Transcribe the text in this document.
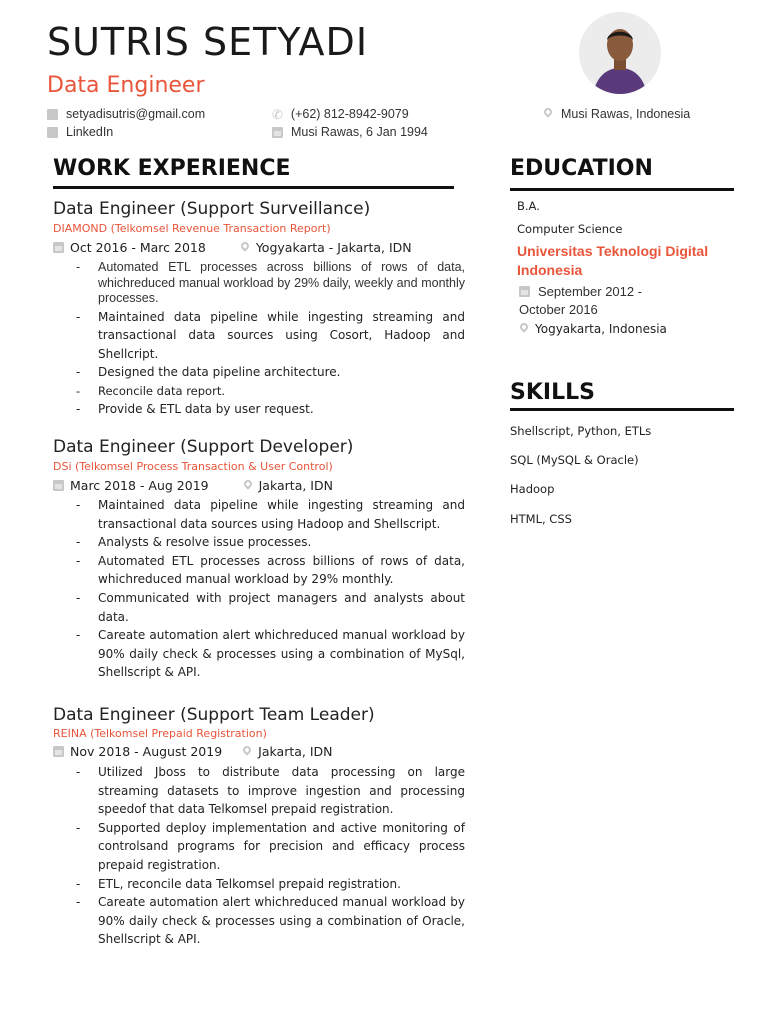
SUTRIS SETYADI
Data Engineer
setyadisutris@gmail.com
LinkedIn
✆ (+62) 812-8942-9079
Musi Rawas, 6 Jan 1994
Musi Rawas, Indonesia
WORK EXPERIENCE
Data Engineer (Support Surveillance)
DIAMOND (Telkomsel Revenue Transaction Report)
Oct 2016 - Marc 2018	Yogyakarta - Jakarta, IDN
- Automated ETL processes across billions of rows of data, whichreduced manual workload by 29% daily, weekly and monthly processes.
- Maintained data pipeline while ingesting streaming and transactional data sources using Cosort, Hadoop and Shellcript.
- Designed the data pipeline architecture.
- Reconcile data report.
- Provide & ETL data by user request.
Data Engineer (Support Developer)
DSi (Telkomsel Process Transaction & User Control)
Marc 2018 - Aug 2019	Jakarta, IDN
- Maintained data pipeline while ingesting streaming and transactional data sources using Hadoop and Shellscript.
- Analysts & resolve issue processes.
- Automated ETL processes across billions of rows of data, whichreduced manual workload by 29% monthly.
- Communicated with project managers and analysts about data.
- Careate automation alert whichreduced manual workload by 90% daily check & processes using a combination of MySql, Shellscript & API.
Data Engineer (Support Team Leader)
REINA (Telkomsel Prepaid Registration)
Nov 2018 - August 2019	Jakarta, IDN
- Utilized Jboss to distribute data processing on large streaming datasets to improve ingestion and processing speedof that data Telkomsel prepaid registration.
- Supported deploy implementation and active monitoring of controlsand programs for precision and efficacy process prepaid registration.
- ETL, reconcile data Telkomsel prepaid registration.
- Careate automation alert whichreduced manual workload by 90% daily check & processes using a combination of Oracle, Shellscript & API.
EDUCATION
B.A.
Computer Science
Universitas Teknologi Digital Indonesia
September 2012 -
October 2016
Yogyakarta, Indonesia
SKILLS
Shellscript, Python, ETLs
SQL (MySQL & Oracle)
Hadoop
HTML, CSS
